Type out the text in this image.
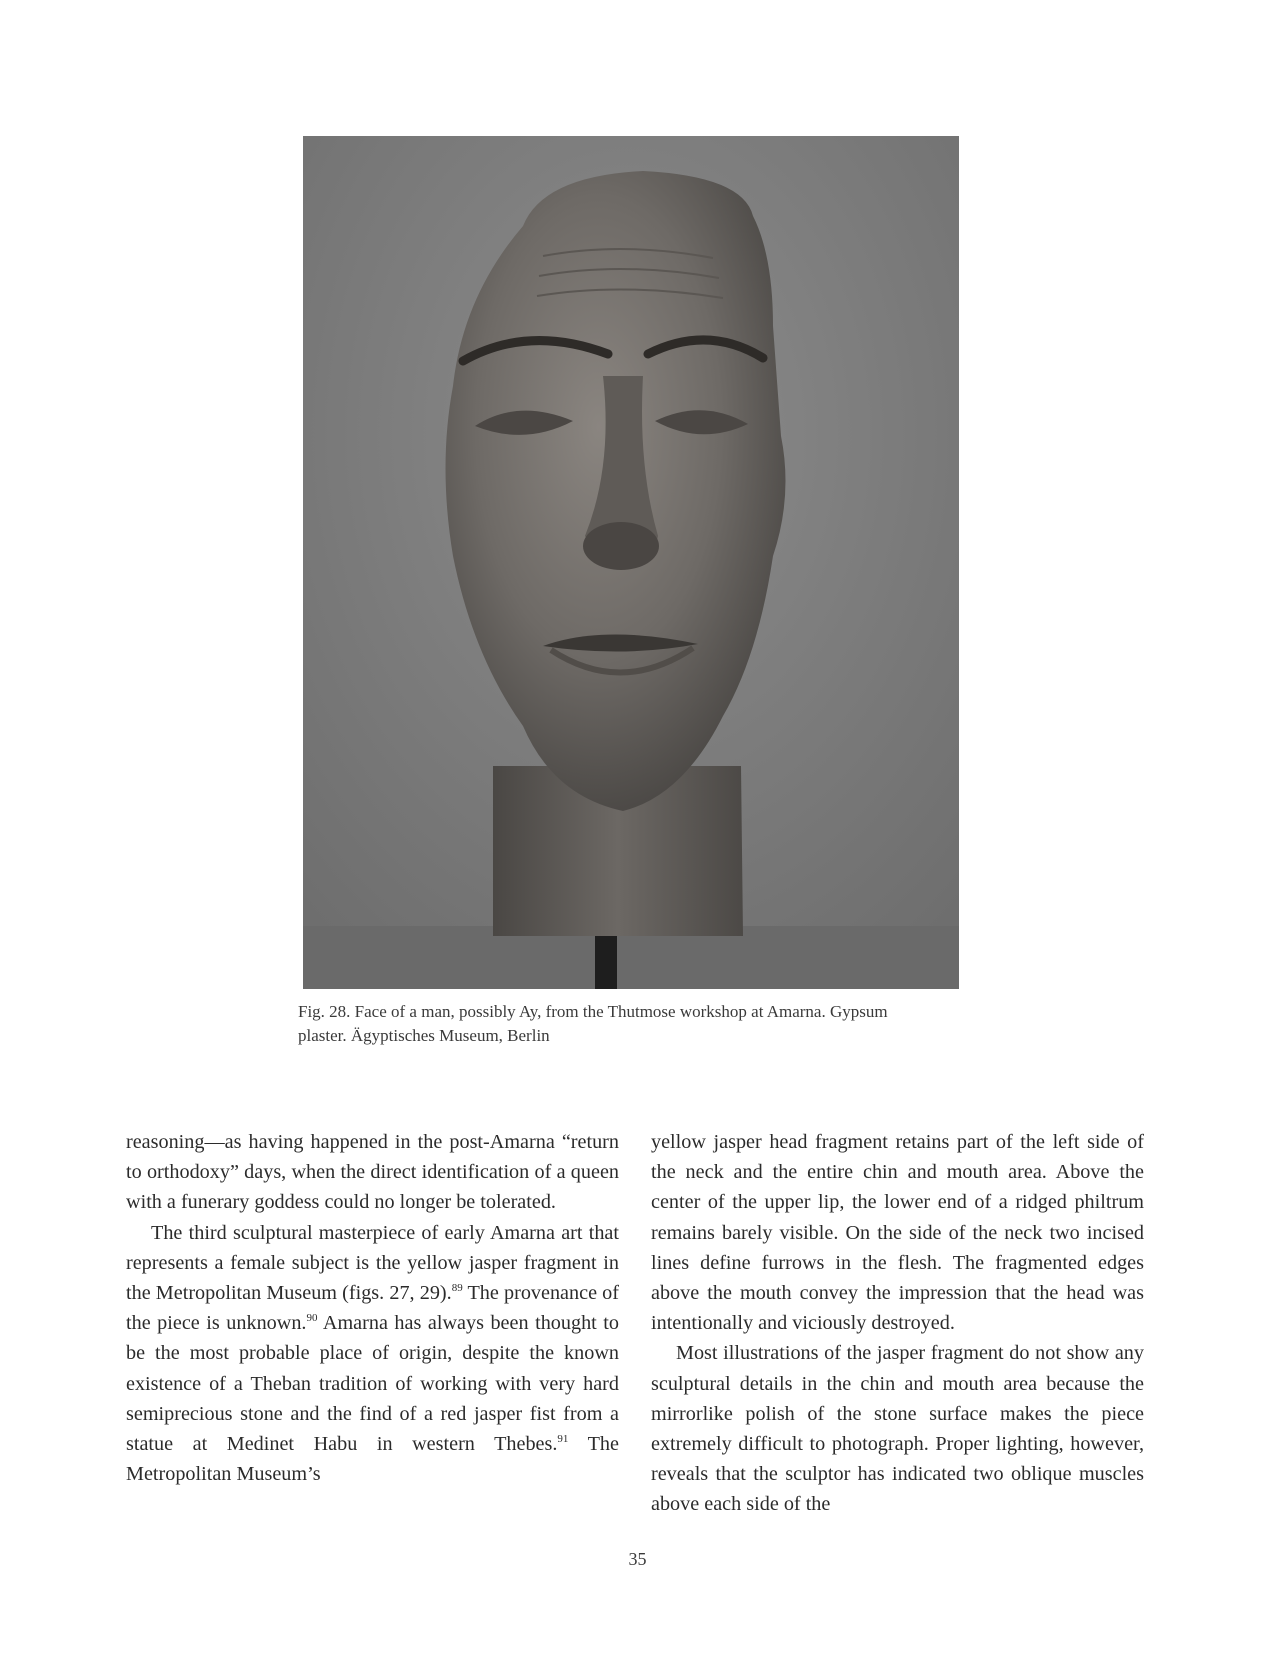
Fig. 28. Face of a man, possibly Ay, from the Thutmose workshop at Amarna. Gypsum
plaster. Ägyptisches Museum, Berlin

reasoning—as having happened in the post-Amarna “return to orthodoxy” days, when the direct identification of a queen with a funerary goddess could no longer be tolerated.

The third sculptural masterpiece of early Amarna art that represents a female subject is the yellow jasper fragment in the Metropolitan Museum (figs. 27, 29).$^{89}$ The provenance of the piece is unknown.$^{90}$ Amarna has always been thought to be the most probable place of origin, despite the known existence of a Theban tradition of working with very hard semiprecious stone and the find of a red jasper fist from a statue at Medinet Habu in western Thebes.$^{91}$ The Metropolitan Museum’s

yellow jasper head fragment retains part of the left side of the neck and the entire chin and mouth area. Above the center of the upper lip, the lower end of a ridged philtrum remains barely visible. On the side of the neck two incised lines define furrows in the flesh. The fragmented edges above the mouth convey the impression that the head was intentionally and viciously destroyed.

Most illustrations of the jasper fragment do not show any sculptural details in the chin and mouth area because the mirrorlike polish of the stone surface makes the piece extremely difficult to photograph. Proper lighting, however, reveals that the sculptor has indicated two oblique muscles above each side of the

35
